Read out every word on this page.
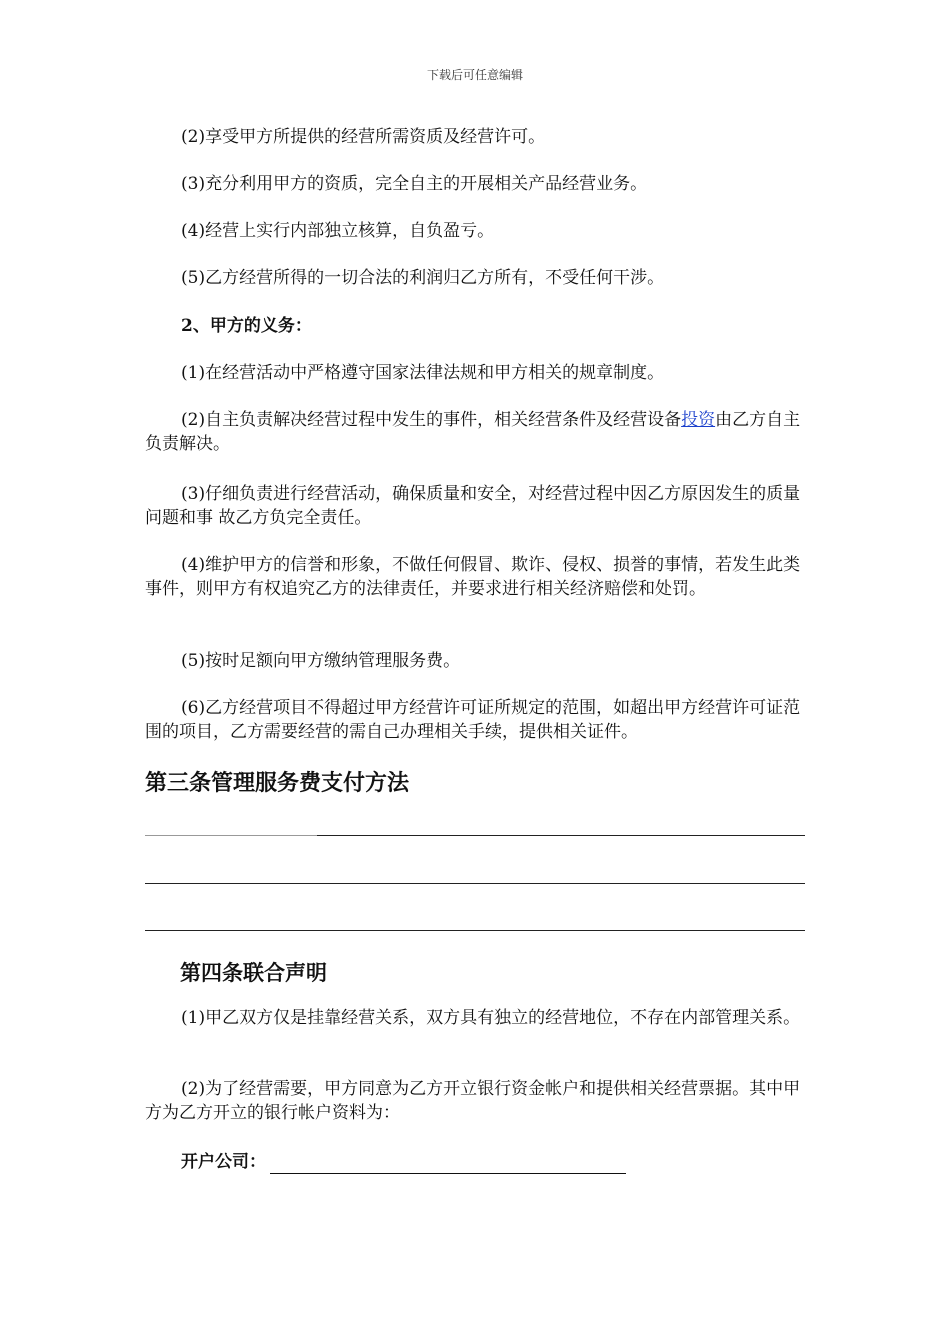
下载后可任意编辑
(2)享受甲方所提供的经营所需资质及经营许可。
(3)充分利用甲方的资质，完全自主的开展相关产品经营业务。
(4)经营上实行内部独立核算，自负盈亏。
(5)乙方经营所得的一切合法的利润归乙方所有，不受任何干涉。
2、甲方的义务：
(1)在经营活动中严格遵守国家法律法规和甲方相关的规章制度。
(2)自主负责解决经营过程中发生的事件，相关经营条件及经营设备投资由乙方自主负责解决。
(3)仔细负责进行经营活动，确保质量和安全，对经营过程中因乙方原因发生的质量问题和事 故乙方负完全责任。
(4)维护甲方的信誉和形象，不做任何假冒、欺诈、侵权、损誉的事情，若发生此类事件，则甲方有权追究乙方的法律责任，并要求进行相关经济赔偿和处罚。
(5)按时足额向甲方缴纳管理服务费。
(6)乙方经营项目不得超过甲方经营许可证所规定的范围，如超出甲方经营许可证范围的项目，乙方需要经营的需自己办理相关手续，提供相关证件。
第三条管理服务费支付方法
第四条联合声明
(1)甲乙双方仅是挂靠经营关系，双方具有独立的经营地位，不存在内部管理关系。
(2)为了经营需要，甲方同意为乙方开立银行资金帐户和提供相关经营票据。其中甲方为乙方开立的银行帐户资料为：
开户公司：
